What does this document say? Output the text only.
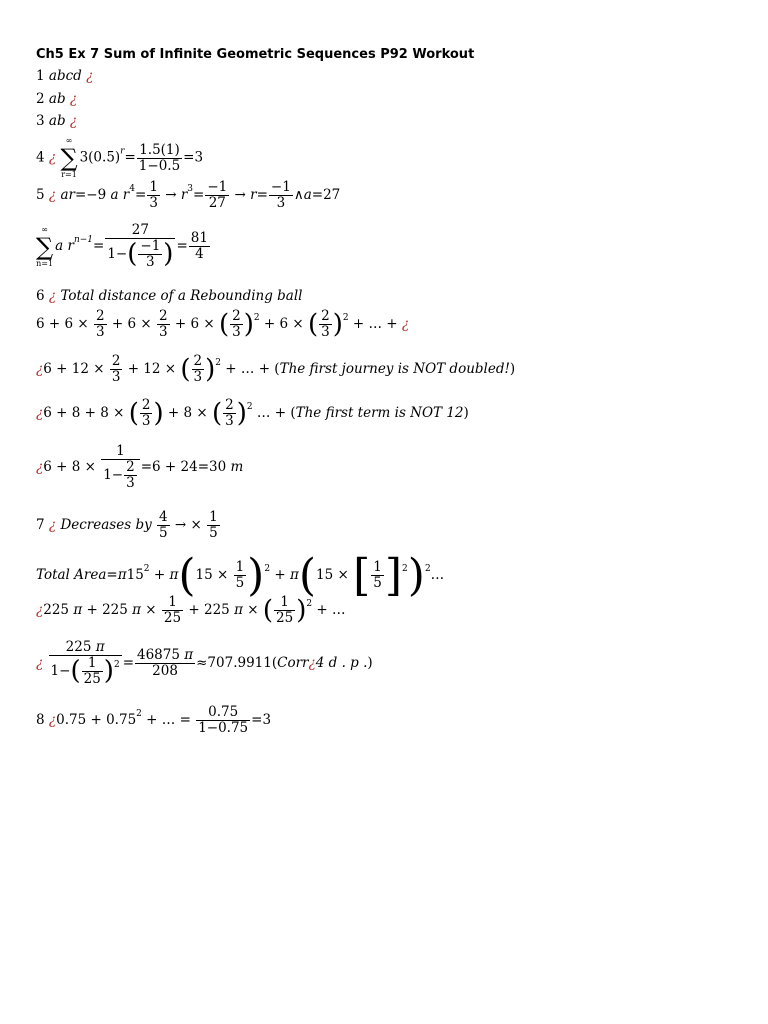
Ch5 Ex 7 Sum of Infinite Geometric Sequences P92 Workout
1 abcd ¿
2 ab ¿
3 ab ¿
4 ¿
∞
∑
r=1
$3(0.5)^r= \frac{1.5(1)}{1-0.5} =3$
5 ¿ ar=−9 a $r^4= \frac{1}{3} \to r^3= \frac{-1}{27} \to r= \frac{-1}{3}$ ∧a=27
∞
∑
n=1
a $r^{n-1}= \frac{27}{1-( \frac{-1}{3} )} = \frac{81}{4}$
6 ¿ Total distance of a Rebounding ball
$6 + 6 \times \frac{2}{3} + 6 \times \frac{2}{3} + 6$ × ( $\frac{2}{3} )^2 + 6$ × ( $\frac{2}{3} )^2$ + … + ¿
¿$6 + 12 \times \frac{2}{3} + 12$ × ( $\frac{2}{3} )^2$ + … + (The first journey is NOT doubled!)
¿6 + 8 + 8 × ( $\frac{2}{3}$ ) + 8 × ( $\frac{2}{3} )^2$ … + (The first term is NOT 12)
¿$6 + 8 \times \frac{1}{1- \frac{2}{3}} =6 + 24=30$ m
7 ¿ Decreases by $\frac{4}{5}$ → × $\frac{1}{5}$
Total $Area=\pi 15^2 + \pi(15 \times \frac{1}{5} )^2 + \pi(15$ × [ $\frac{1}{5}$ ]$^2$)$^2$…
¿225 π + 225 $\pi \times \frac{1}{25} + 225$ π × ( $\frac{1}{25} )^2$ + …
¿ $\frac{225 \pi}{1-( \frac{1}{25} )^2} = \frac{46875 \pi}{208}$ ≈707.9911(Corr¿4 d . p .)
8 ¿$0.75 + 0.75^2$ + … = $\frac{0.75}{1-0.75} =3$
